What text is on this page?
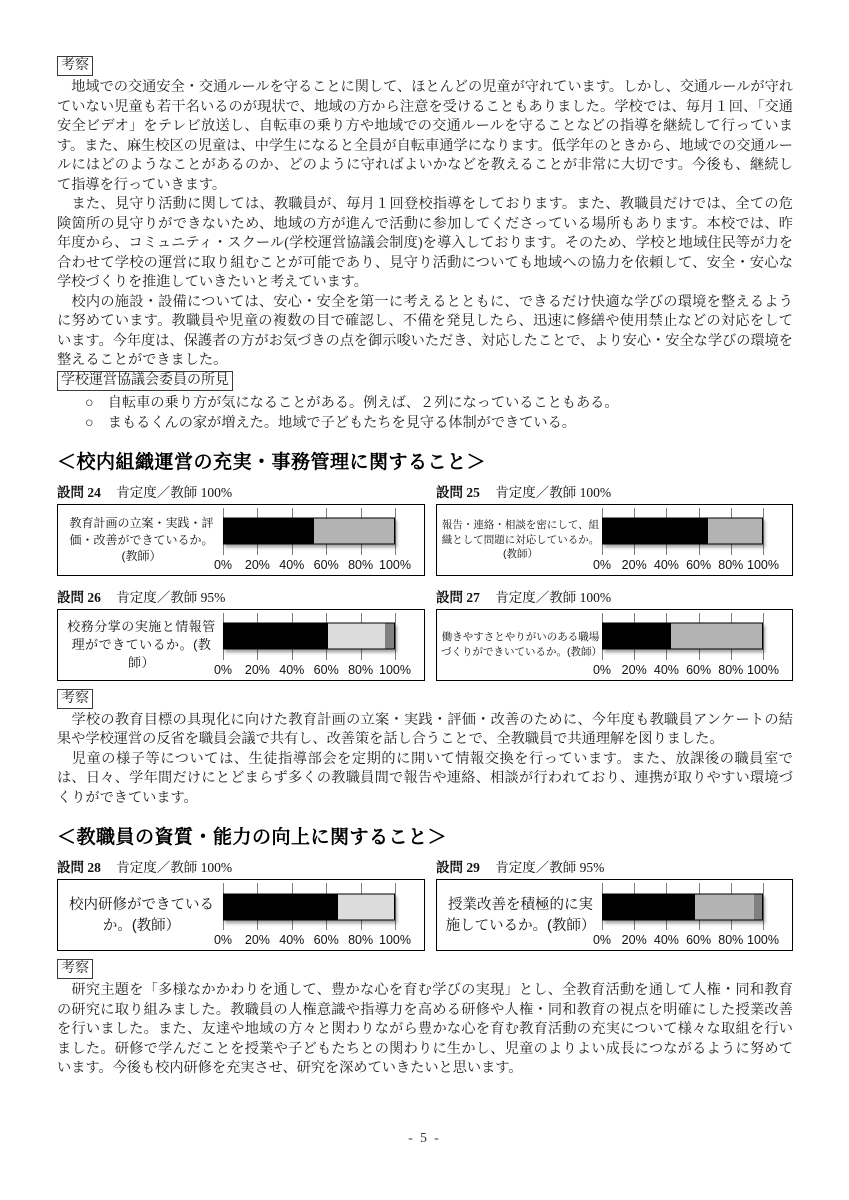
考察

　地域での交通安全・交通ルールを守ることに関して、ほとんどの児童が守れています。しかし、交通ルールが守れていない児童も若干名いるのが現状で、地域の方から注意を受けることもありました。学校では、毎月１回、「交通安全ビデオ」をテレビ放送し、自転車の乗り方や地域での交通ルールを守ることなどの指導を継続して行っています。また、麻生校区の児童は、中学生になると全員が自転車通学になります。低学年のときから、地域での交通ルールにはどのようなことがあるのか、どのように守ればよいかなどを教えることが非常に大切です。今後も、継続して指導を行っていきます。

　また、見守り活動に関しては、教職員が、毎月１回登校指導をしております。また、教職員だけでは、全ての危険箇所の見守りができないため、地域の方が進んで活動に参加してくださっている場所もあります。本校では、昨年度から、コミュニティ・スクール(学校運営協議会制度)を導入しております。そのため、学校と地域住民等が力を合わせて学校の運営に取り組むことが可能であり、見守り活動についても地域への協力を依頼して、安全・安心な学校づくりを推進していきたいと考えています。

　校内の施設・設備については、安心・安全を第一に考えるとともに、できるだけ快適な学びの環境を整えるように努めています。教職員や児童の複数の目で確認し、不備を発見したら、迅速に修繕や使用禁止などの対応をしています。今年度は、保護者の方がお気づきの点を御示唆いただき、対応したことで、より安心・安全な学びの環境を整えることができました。

学校運営協議会委員の所見
○　自転車の乗り方が気になることがある。例えば、２列になっていることもある。
○　まもるくんの家が増えた。地域で子どもたちを見守る体制ができている。
＜校内組織運営の充実・事務管理に関すること＞
設問 24 肯定度／教師 100%
教育計画の立案・実践・評価・改善ができているか。(教師）
0% 20% 40% 60% 80% 100%
設問 25 肯定度／教師 100%
報告・連絡・相談を密にして、組織として問題に対応しているか。(教師）
0% 20% 40% 60% 80% 100%
設問 26 肯定度／教師 95%
校務分掌の実施と情報管理ができているか。(教師）	0% 20% 40% 60% 80% 100%
設問 27 肯定度／教師 100%
働きやすさとやりがいのある職場づくりができいているか。(教師）
0% 20% 40% 60% 80% 100%
考察

　学校の教育目標の具現化に向けた教育計画の立案・実践・評価・改善のために、今年度も教職員アンケートの結果や学校運営の反省を職員会議で共有し、改善策を話し合うことで、全教職員で共通理解を図りました。

　児童の様子等については、生徒指導部会を定期的に開いて情報交換を行っています。また、放課後の職員室では、日々、学年間だけにとどまらず多くの教職員間で報告や連絡、相談が行われており、連携が取りやすい環境づくりができています。

＜教職員の資質・能力の向上に関すること＞
設問 28 肯定度／教師 100%
校内研修ができているか。(教師）
0% 20% 40% 60% 80% 100%
設問 29 肯定度／教師 95%
授業改善を積極的に実施しているか。(教師）
0% 20% 40% 60% 80% 100%
考察

　研究主題を「多様なかかわりを通して、豊かな心を育む学びの実現」とし、全教育活動を通して人権・同和教育の研究に取り組みました。教職員の人権意識や指導力を高める研修や人権・同和教育の視点を明確にした授業改善を行いました。また、友達や地域の方々と関わりながら豊かな心を育む教育活動の充実について様々な取組を行いました。研修で学んだことを授業や子どもたちとの関わりに生かし、児童のよりよい成長につながるように努めています。今後も校内研修を充実させ、研究を深めていきたいと思います。

- 5 -
